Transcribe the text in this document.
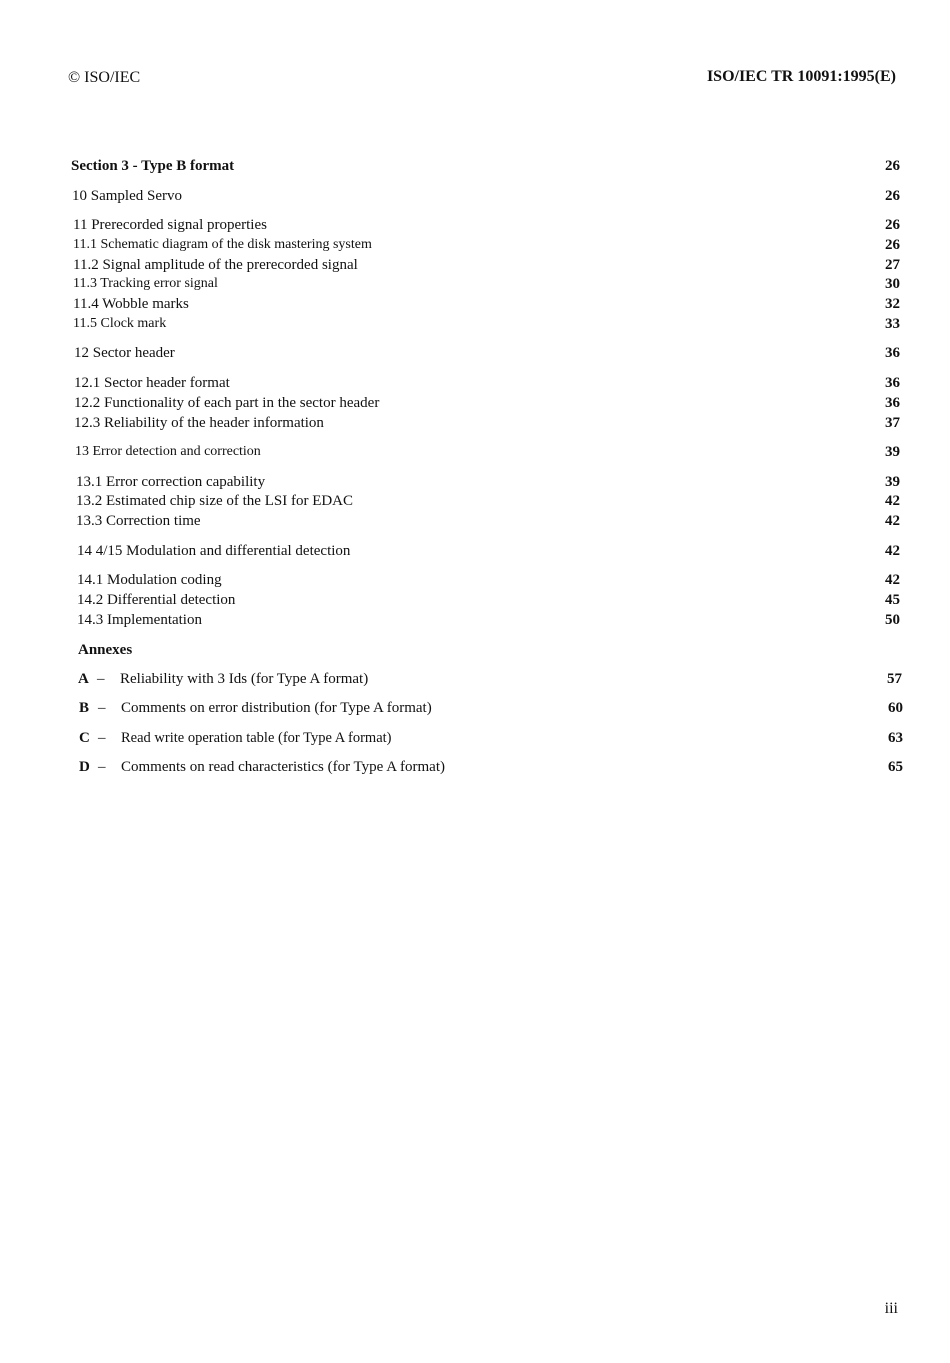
© ISO/IEC	ISO/IEC TR 10091:1995(E)
Section 3 - Type B format	26
10 Sampled Servo	26
11 Prerecorded signal properties	26
11.1 Schematic diagram of the disk mastering system	26
11.2 Signal amplitude of the prerecorded signal	27
11.3 Tracking error signal	30
11.4 Wobble marks	32
11.5 Clock mark	33
12 Sector header	36
12.1 Sector header format	36
12.2 Functionality of each part in the sector header	36
12.3 Reliability of the header information	37
13 Error detection and correction	39
13.1 Error correction capability	39
13.2 Estimated chip size of the LSI for EDAC	42
13.3 Correction time	42
14 4/15 Modulation and differential detection	42
14.1 Modulation coding	42
14.2 Differential detection	45
14.3 Implementation	50
Annexes
A – Reliability with 3 Ids (for Type A format)	57
B – Comments on error distribution (for Type A format)	60
C – Read write operation table (for Type A format)	63
D – Comments on read characteristics (for Type A format)	65
iii
